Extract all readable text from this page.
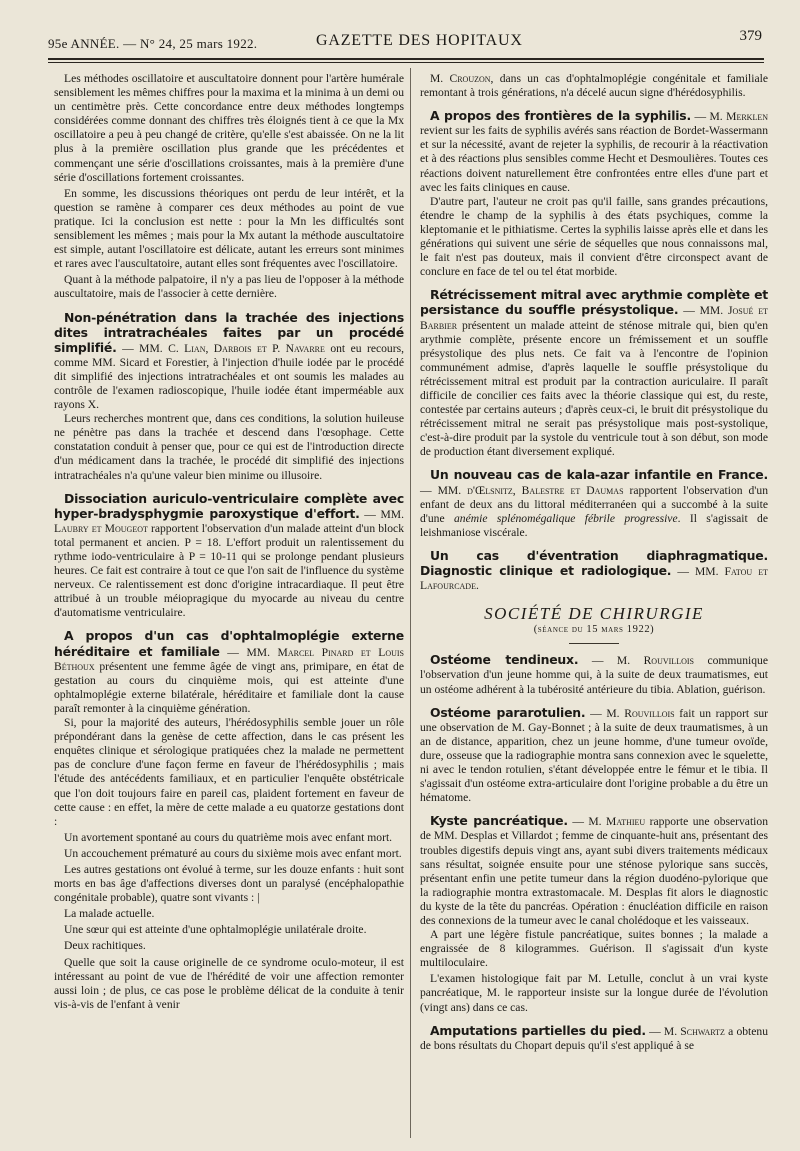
95e ANNÉE. — N° 24, 25 mars 1922.	GAZETTE DES HOPITAUX	379

Les méthodes oscillatoire et auscultatoire donnent pour l'artère humérale sensiblement les mêmes chiffres pour la maxima et la minima à un demi ou un centimètre près. Cette concordance entre deux méthodes longtemps considérées comme donnant des chiffres très éloignés tient à ce que la Mx oscillatoire a peu à peu changé de critère, qu'elle s'est abaissée. On ne la lit plus à la première oscillation plus grande que les précédentes et commençant une série d'oscillations croissantes, mais à la première d'une série d'oscillations fortement croissantes.

En somme, les discussions théoriques ont perdu de leur intérêt, et la question se ramène à comparer ces deux méthodes au point de vue pratique. Ici la conclusion est nette : pour la Mn les difficultés sont sensiblement les mêmes ; mais pour la Mx autant la méthode auscultatoire est simple, autant l'oscillatoire est délicate, autant les erreurs sont minimes et rares avec l'auscultatoire, autant elles sont fréquentes avec l'oscillatoire.

Quant à la méthode palpatoire, il n'y a pas lieu de l'opposer à la méthode auscultatoire, mais de l'associer à cette dernière.

Non-pénétration dans la trachée des injections dites intratrachéales faites par un procédé simplifié. — MM. C. Lian, Darbois et P. Navarre ont eu recours, comme MM. Sicard et Forestier, à l'injection d'huile iodée par le procédé dit simplifié des injections intratrachéales et ont soumis les malades au contrôle de l'examen radioscopique, l'huile iodée étant imperméable aux rayons X.

Leurs recherches montrent que, dans ces conditions, la solution huileuse ne pénètre pas dans la trachée et descend dans l'œsophage. Cette constatation conduit à penser que, pour ce qui est de l'introduction directe d'un médicament dans la trachée, le procédé dit simplifié des injections intratrachéales n'a qu'une valeur bien minime ou illusoire.

Dissociation auriculo-ventriculaire complète avec hyper-bradysphygmie paroxystique d'effort. — MM. Laubry et Mougeot rapportent l'observation d'un malade atteint d'un block total permanent et ancien. P = 18. L'effort produit un ralentissement du rythme iodo-ventriculaire à P = 10-11 qui se prolonge pendant plusieurs heures. Ce fait est contraire à tout ce que l'on sait de l'influence du système nerveux. Ce ralentissement est donc d'origine intracardiaque. Il peut être attribué à un trouble méiopragique du myocarde au niveau du centre d'automatisme ventriculaire.
A propos d'un cas d'ophtalmoplégie externe héréditaire et familiale — MM. Marcel Pinard et Louis Béthoux présentent une femme âgée de vingt ans, primipare, en état de gestation au cours du cinquième mois, qui est atteinte d'une ophtalmoplégie externe bilatérale, héréditaire et familiale dont la cause paraît remonter à la cinquième génération.

Si, pour la majorité des auteurs, l'hérédosyphilis semble jouer un rôle prépondérant dans la genèse de cette affection, dans le cas présent les enquêtes clinique et sérologique pratiquées chez la malade ne permettent pas de conclure d'une façon ferme en faveur de l'hérédosyphilis ; mais l'étude des antécédents familiaux, et en particulier l'enquête obstétricale que l'on doit toujours faire en pareil cas, plaident fortement en faveur de cette cause : en effet, la mère de cette malade a eu quatorze gestations dont :

Un avortement spontané au cours du quatrième mois avec enfant mort.

Un accouchement prématuré au cours du sixième mois avec enfant mort.

Les autres gestations ont évolué à terme, sur les douze enfants : huit sont morts en bas âge d'affections diverses dont un paralysé (encéphalopathie congénitale probable), quatre sont vivants : |

La malade actuelle.

Une sœur qui est atteinte d'une ophtalmoplégie unilatérale droite.

Deux rachitiques.

Quelle que soit la cause originelle de ce syndrome oculo-moteur, il est intéressant au point de vue de l'hérédité de voir une affection remonter aussi loin ; de plus, ce cas pose le problème délicat de la conduite à tenir vis-à-vis de l'enfant à venir

M. Crouzon, dans un cas d'ophtalmoplégie congénitale et familiale remontant à trois générations, n'a décelé aucun signe d'hérédosyphilis.

A propos des frontières de la syphilis. — M. Merklen revient sur les faits de syphilis avérés sans réaction de Bordet-Wassermann et sur la nécessité, avant de rejeter la syphilis, de recourir à la réactivation et à des réactions plus sensibles comme Hecht et Desmoulières. Toutes ces réactions doivent naturellement être confrontées entre elles d'une part et avec les faits cliniques en cause.

D'autre part, l'auteur ne croit pas qu'il faille, sans grandes précautions, étendre le champ de la syphilis à des états psychiques, comme la kleptomanie et le pithiatisme. Certes la syphilis laisse après elle et dans les générations qui suivent une série de séquelles que nous connaissons mal, le fait n'est pas douteux, mais il convient d'être circonspect avant de conclure en face de tel ou tel état morbide.

Rétrécissement mitral avec arythmie complète et persistance du souffle présystolique. — MM. Josué et Barbier présentent un malade atteint de sténose mitrale qui, bien qu'en arythmie complète, présente encore un frémissement et un souffle présystolique des plus nets. Ce fait va à l'encontre de l'opinion communément admise, d'après laquelle le souffle présystolique du rétrécissement mitral est produit par la contraction auriculaire. Il paraît difficile de concilier ces faits avec la théorie classique qui est, du reste, contestée par certains auteurs ; d'après ceux-ci, le bruit dit présystolique du rétrécissement mitral ne serait pas présystolique mais post-systolique, c'est-à-dire produit par la systole du ventricule tout à son début, son mode de production étant diversement expliqué.
Un nouveau cas de kala-azar infantile en France. — MM. d'Œlsnitz, Balestre et Daumas rapportent l'observation d'un enfant de deux ans du littoral méditerranéen qui a succombé à la suite d'une anémie splénomégalique fébrile progressive. Il s'agissait de leishmaniose viscérale.
Un cas d'éventration diaphragmatique. Diagnostic clinique et radiologique. — MM. Fatou et Lafourcade.
SOCIÉTÉ DE CHIRURGIE
(séance du 15 mars 1922)
Ostéome tendineux. — M. Rouvillois communique l'observation d'un jeune homme qui, à la suite de deux traumatismes, eut un ostéome adhérent à la tubérosité antérieure du tibia. Ablation, guérison.
Ostéome pararotulien. — M. Rouvillois fait un rapport sur une observation de M. Gay-Bonnet ; à la suite de deux traumatismes, à un an de distance, apparition, chez un jeune homme, d'une tumeur ovoïde, dure, osseuse que la radiographie montra sans connexion avec le squelette, ni avec le tendon rotulien, s'étant développée entre le fémur et le tibia. Il s'agissait d'un ostéome extra-articulaire dont l'origine probable a du être un hématome.
Kyste pancréatique. — M. Mathieu rapporte une observation de MM. Desplas et Villardot ; femme de cinquante-huit ans, présentant des troubles digestifs depuis vingt ans, ayant subi divers traitements médicaux sans résultat, soignée ensuite pour une sténose pylorique sans succès, présentant enfin une petite tumeur dans la région duodéno-pylorique que la radiographie montra extrastomacale. M. Desplas fit alors le diagnostic du kyste de la tête du pancréas. Opération : énucléation difficile en raison des connexions de la tumeur avec le canal cholédoque et les vaisseaux.

A part une légère fistule pancréatique, suites bonnes ; la malade a engraissée de 8 kilogrammes. Guérison. Il s'agissait d'un kyste multiloculaire.

L'examen histologique fait par M. Letulle, conclut à un vrai kyste pancréatique, M. le rapporteur insiste sur la longue durée de l'évolution (vingt ans) dans ce cas.

Amputations partielles du pied. — M. Schwartz a obtenu de bons résultats du Chopart depuis qu'il s'est appliqué à se
